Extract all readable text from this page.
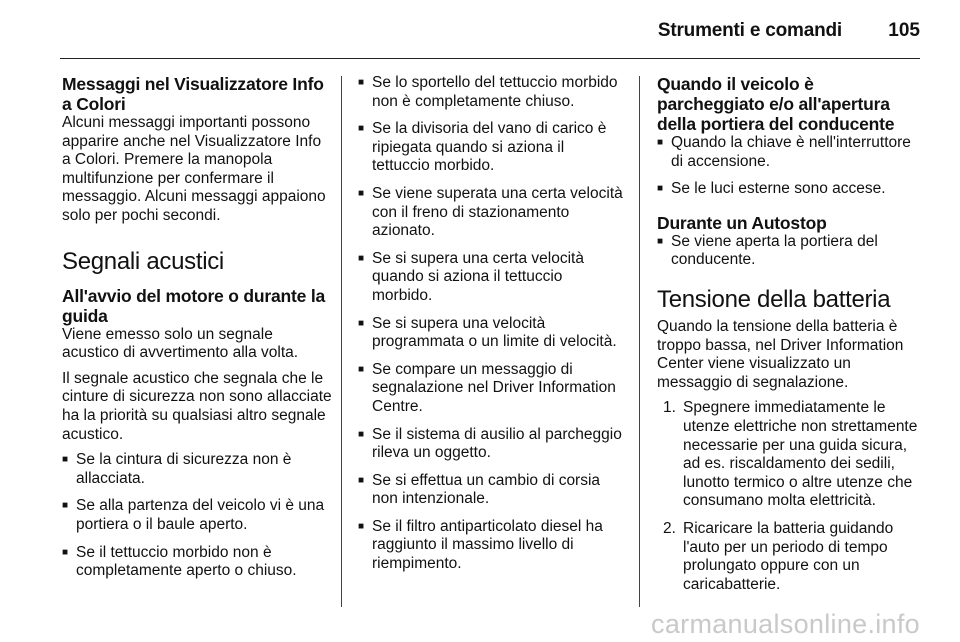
Strumenti e comandi 105
Messaggi nel Visualizzatore Info a Colori

Alcuni messaggi importanti possono apparire anche nel Visualizzatore Info a Colori. Premere la manopola multifunzione per confermare il messaggio. Alcuni messaggi appaiono solo per pochi secondi.

Segnali acustici
All'avvio del motore o durante la guida

Viene emesso solo un segnale acustico di avvertimento alla volta.

Il segnale acustico che segnala che le cinture di sicurezza non sono allacciate ha la priorità su qualsiasi altro segnale acustico.

■ Se la cintura di sicurezza non è allacciata.
■ Se alla partenza del veicolo vi è una portiera o il baule aperto.
■ Se il tettuccio morbido non è completamente aperto o chiuso.
■ Se lo sportello del tettuccio morbido non è completamente chiuso.
■ Se la divisoria del vano di carico è ripiegata quando si aziona il tettuccio morbido.
■ Se viene superata una certa velocità con il freno di stazionamento azionato.
■ Se si supera una certa velocità quando si aziona il tettuccio morbido.
■ Se si supera una velocità programmata o un limite di velocità.
■ Se compare un messaggio di segnalazione nel Driver Information Centre.
■ Se il sistema di ausilio al parcheggio rileva un oggetto.
■ Se si effettua un cambio di corsia non intenzionale.
■ Se il filtro antiparticolato diesel ha raggiunto il massimo livello di riempimento.
Quando il veicolo è parcheggiato e/o all'apertura della portiera del conducente
■ Quando la chiave è nell'interruttore di accensione.
■ Se le luci esterne sono accese.
Durante un Autostop
■ Se viene aperta la portiera del conducente.
Tensione della batteria

Quando la tensione della batteria è troppo bassa, nel Driver Information Center viene visualizzato un messaggio di segnalazione.

1. Spegnere immediatamente le utenze elettriche non strettamente necessarie per una guida sicura, ad es. riscaldamento dei sedili, lunotto termico o altre utenze che consumano molta elettricità.
2. Ricaricare la batteria guidando l'auto per un periodo di tempo prolungato oppure con un caricabatterie.
carmanualsonline.info
